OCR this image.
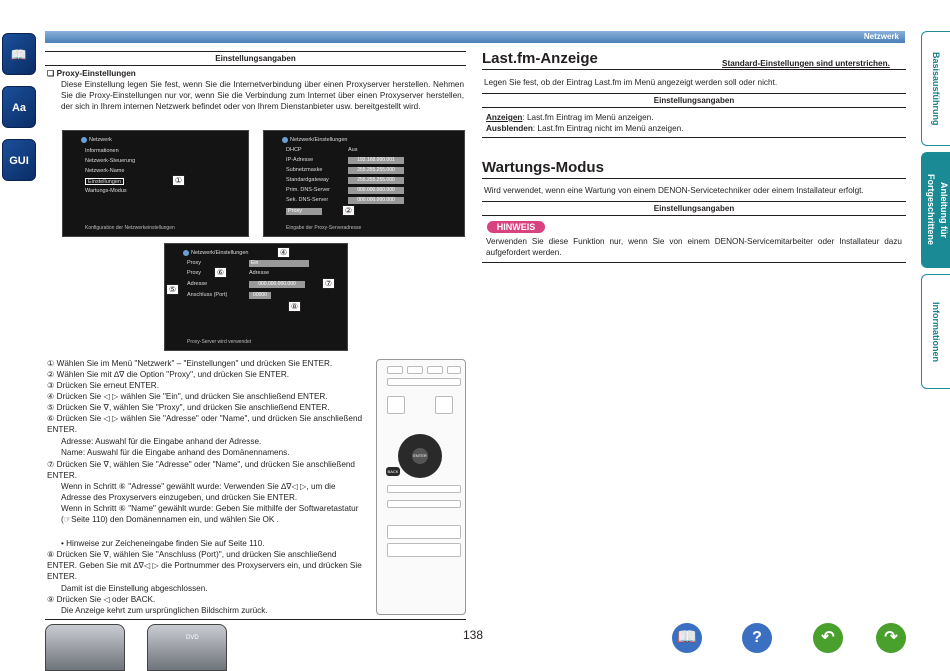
Netzwerk
📖
Aa
GUI
Basisausführung
Anleitung für Fortgeschrittene
Informationen
Einstellungsangaben
❏ Proxy-Einstellungen
Diese Einstellung legen Sie fest, wenn Sie die Internetverbindung über einen Proxyserver herstellen. Nehmen Sie die Proxy-Einstellungen nur vor, wenn Sie die Verbindung zum Internet über einen Proxyserver herstellen, der sich in Ihrem internen Netzwerk befindet oder von Ihrem Dienstanbieter usw. bereitgestellt wird.
Netzwerk
Informationen
Netzwerk-Steuerung
Netzwerk-Name
Einstellungen
Wartungs-Modus
Konfiguration der Netzwerkeinstellungen
①
Netzwerk/Einstellungen
DHCP	Aus
IP-Adresse	192.168.000.001
Subnetzmaske	255.255.255.000
Standardgateway	255.255.255.000
Prim. DNS-Server	000.000.000.000
Sek. DNS-Server	000.000.000.000
Proxy
Eingabe der Proxy-Serveradresse
②
Netzwerk/Einstellungen
Proxy	Ein
Proxy	Adresse
Adresse	000.000.000.000
Anschluss (Port)	00000
Proxy-Server wird verwendet
④
⑥
⑤
⑦
⑧
① Wählen Sie im Menü "Netzwerk" – "Einstellungen" und drücken Sie ENTER.
② Wählen Sie mit ∆∇ die Option "Proxy", und drücken Sie ENTER.
③ Drücken Sie erneut ENTER.
④ Drücken Sie ◁ ▷ wählen Sie "Ein", und drücken Sie anschließend ENTER.
⑤ Drücken Sie ∇, wählen Sie "Proxy", und drücken Sie anschließend ENTER.
⑥ Drücken Sie ◁ ▷ wählen Sie "Adresse" oder "Name", und drücken Sie anschließend ENTER.
Adresse: Auswahl für die Eingabe anhand der Adresse.
Name: Auswahl für die Eingabe anhand des Domänennamens.
⑦ Drücken Sie ∇, wählen Sie "Adresse" oder "Name", und drücken Sie anschließend ENTER.
Wenn in Schritt ⑥ "Adresse" gewählt wurde: Verwenden Sie ∆∇◁ ▷, um die Adresse des Proxyservers einzugeben, und drücken Sie ENTER.
Wenn in Schritt ⑥ "Name" gewählt wurde: Geben Sie mithilfe der Softwaretastatur (☞Seite 110) den Domänennamen ein, und wählen Sie OK .
• Hinweise zur Zeicheneingabe finden Sie auf Seite 110.
⑧ Drücken Sie ∇, wählen Sie "Anschluss (Port)", und drücken Sie anschließend ENTER. Geben Sie mit ∆∇◁ ▷ die Portnummer des Proxyservers ein, und drücken Sie ENTER.
Damit ist die Einstellung abgeschlossen.
⑨ Drücken Sie ◁ oder BACK.
Die Anzeige kehrt zum ursprünglichen Bildschirm zurück.
ENTER
BACK
Last.fm-Anzeige	Standard-Einstellungen sind unterstrichen.
Legen Sie fest, ob der Eintrag Last.fm im Menü angezeigt werden soll oder nicht.
Einstellungsangaben
Anzeigen: Last.fm Eintrag im Menü anzeigen.
Ausblenden: Last.fm Eintrag nicht im Menü anzeigen.
Wartungs-Modus
Wird verwendet, wenn eine Wartung von einem DENON-Servicetechniker oder einem Installateur erfolgt.
Einstellungsangaben
HINWEIS
Verwenden Sie diese Funktion nur, wenn Sie von einem DENON-Servicemitarbeiter oder Installateur dazu aufgefordert werden.
DVD	138	📖	?	↶	↷
